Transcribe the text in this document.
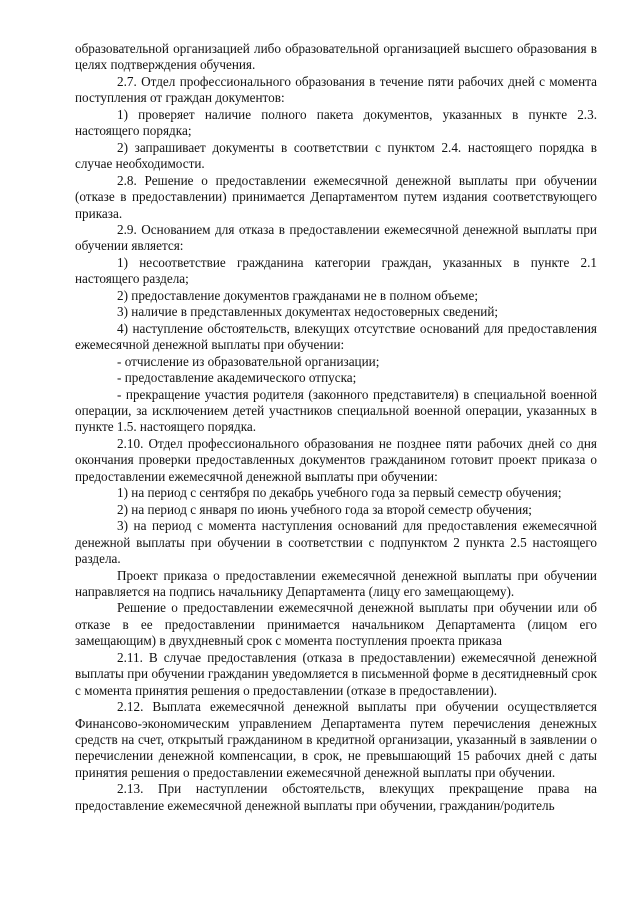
образовательной организацией либо образовательной организацией высшего образования в целях подтверждения обучения.

2.7. Отдел профессионального образования в течение пяти рабочих дней с момента поступления от граждан документов:

1) проверяет наличие полного пакета документов, указанных в пункте 2.3. настоящего порядка;

2) запрашивает документы в соответствии с пунктом 2.4. настоящего порядка в случае необходимости.

2.8. Решение о предоставлении ежемесячной денежной выплаты при обучении (отказе в предоставлении) принимается Департаментом путем издания соответствующего приказа.

2.9. Основанием для отказа в предоставлении ежемесячной денежной выплаты при обучении является:

1) несоответствие гражданина категории граждан, указанных в пункте 2.1 настоящего раздела;

2) предоставление документов гражданами не в полном объеме;

3) наличие в представленных документах недостоверных сведений;

4) наступление обстоятельств, влекущих отсутствие оснований для предоставления ежемесячной денежной выплаты при обучении:

- отчисление из образовательной организации;

- предоставление академического отпуска;

- прекращение участия родителя (законного представителя) в специальной военной операции, за исключением детей участников специальной военной операции, указанных в пункте 1.5. настоящего порядка.

2.10. Отдел профессионального образования не позднее пяти рабочих дней со дня окончания проверки предоставленных документов гражданином готовит проект приказа о предоставлении ежемесячной денежной выплаты при обучении:

1) на период с сентября по декабрь учебного года за первый семестр обучения;

2) на период с января по июнь учебного года за второй семестр обучения;

3) на период с момента наступления оснований для предоставления ежемесячной денежной выплаты при обучении в соответствии с подпунктом 2 пункта 2.5 настоящего раздела.

Проект приказа о предоставлении ежемесячной денежной выплаты при обучении направляется на подпись начальнику Департамента (лицу его замещающему).

Решение о предоставлении ежемесячной денежной выплаты при обучении или об отказе в ее предоставлении принимается начальником Департамента (лицом его замещающим) в двухдневный срок с момента поступления проекта приказа

2.11. В случае предоставления (отказа в предоставлении) ежемесячной денежной выплаты при обучении гражданин уведомляется в письменной форме в десятидневный срок с момента принятия решения о предоставлении (отказе в предоставлении).

2.12. Выплата ежемесячной денежной выплаты при обучении осуществляется Финансово-экономическим управлением Департамента путем перечисления денежных средств на счет, открытый гражданином в кредитной организации, указанный в заявлении о перечислении денежной компенсации, в срок, не превышающий 15 рабочих дней с даты принятия решения о предоставлении ежемесячной денежной выплаты при обучении.

2.13. При наступлении обстоятельств, влекущих прекращение права на предоставление ежемесячной денежной выплаты при обучении, гражданин/родитель
